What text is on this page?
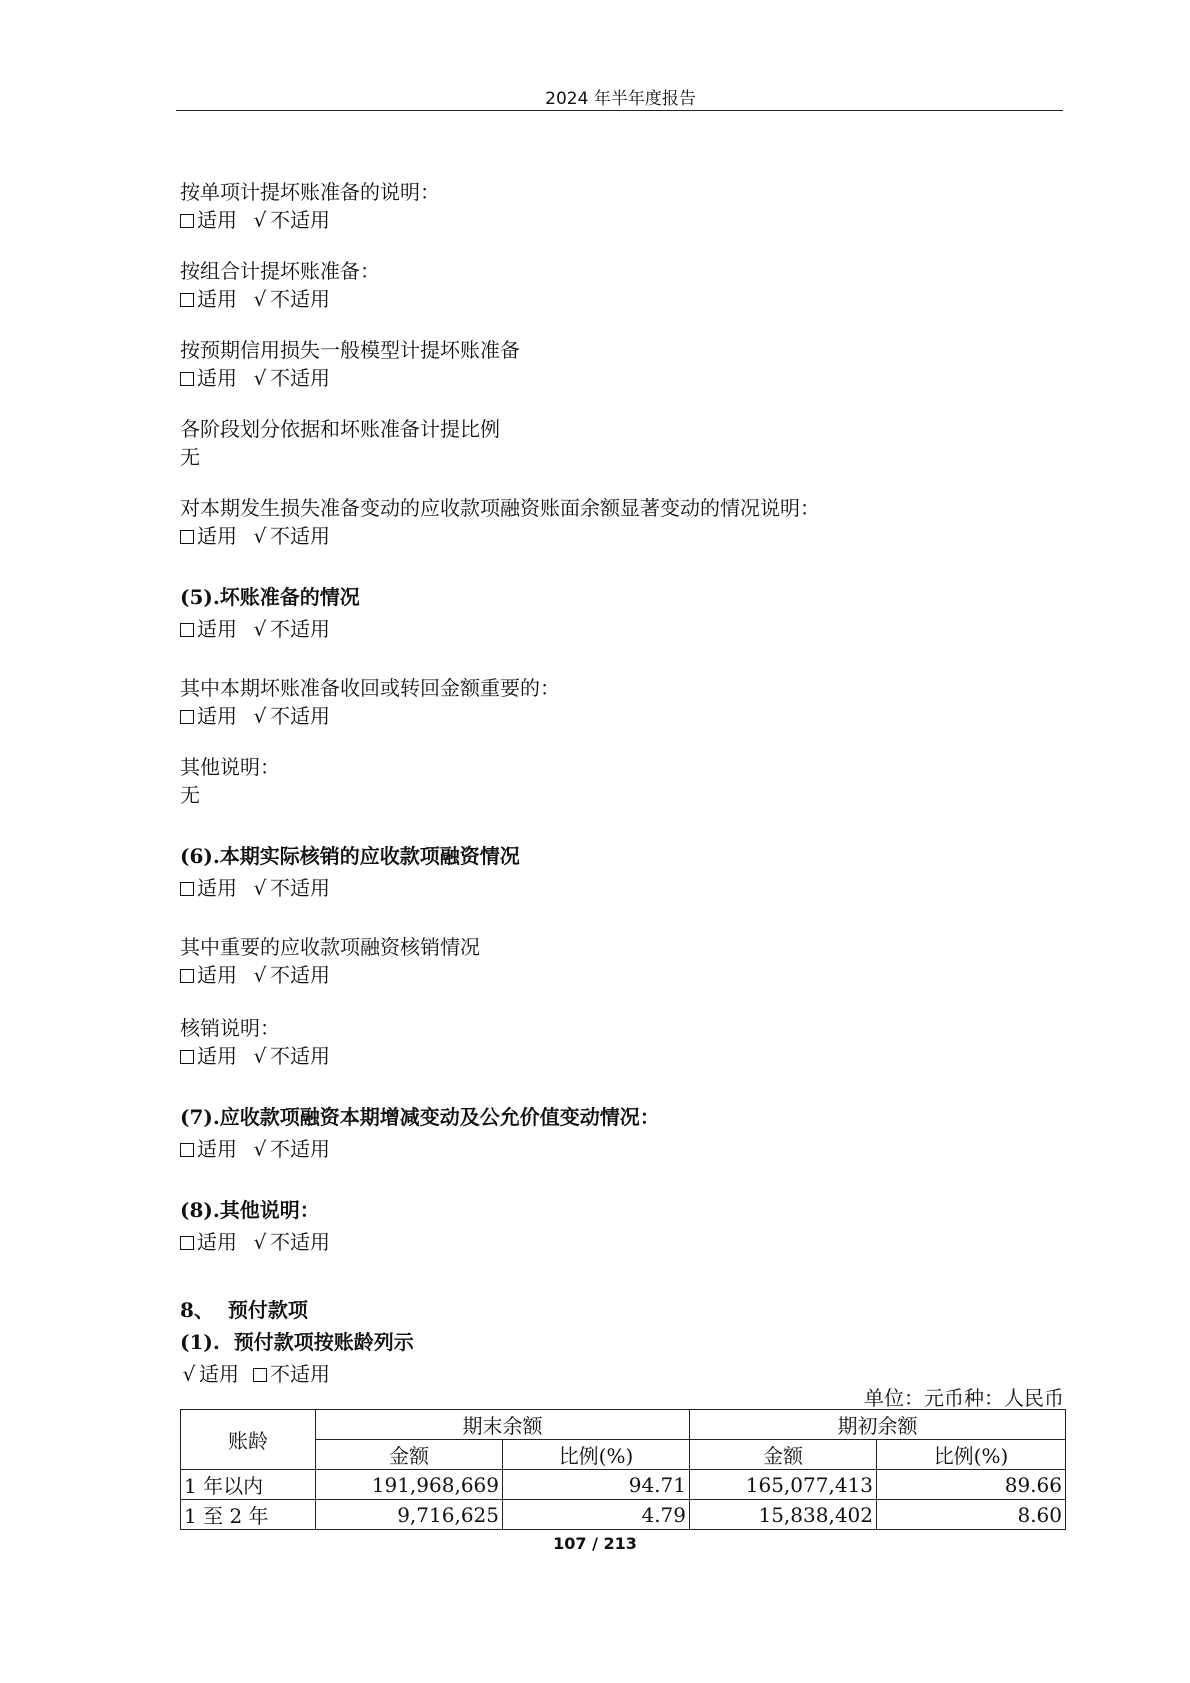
2024 年半年度报告
按单项计提坏账准备的说明：
适用 √ 不适用
按组合计提坏账准备：
适用 √ 不适用
按预期信用损失一般模型计提坏账准备
适用 √ 不适用
各阶段划分依据和坏账准备计提比例
无
对本期发生损失准备变动的应收款项融资账面余额显著变动的情况说明：
适用 √ 不适用
(5).坏账准备的情况
适用 √ 不适用
其中本期坏账准备收回或转回金额重要的：
适用 √ 不适用
其他说明：
无
(6).本期实际核销的应收款项融资情况
适用 √ 不适用
其中重要的应收款项融资核销情况
适用 √ 不适用
核销说明：
适用 √ 不适用
(7).应收款项融资本期增减变动及公允价值变动情况：
适用 √ 不适用
(8).其他说明：
适用 √ 不适用
8、  预付款项
(1).  预付款项按账龄列示
√ 适用 不适用
单位：元币种：人民币
账龄	期末余额		期初余额	
	金额	比例(%)	金额	比例(%)
1 年以内	191,968,669	94.71	165,077,413	89.66
1 至 2 年	9,716,625	4.79	15,838,402	8.60
107 / 213
